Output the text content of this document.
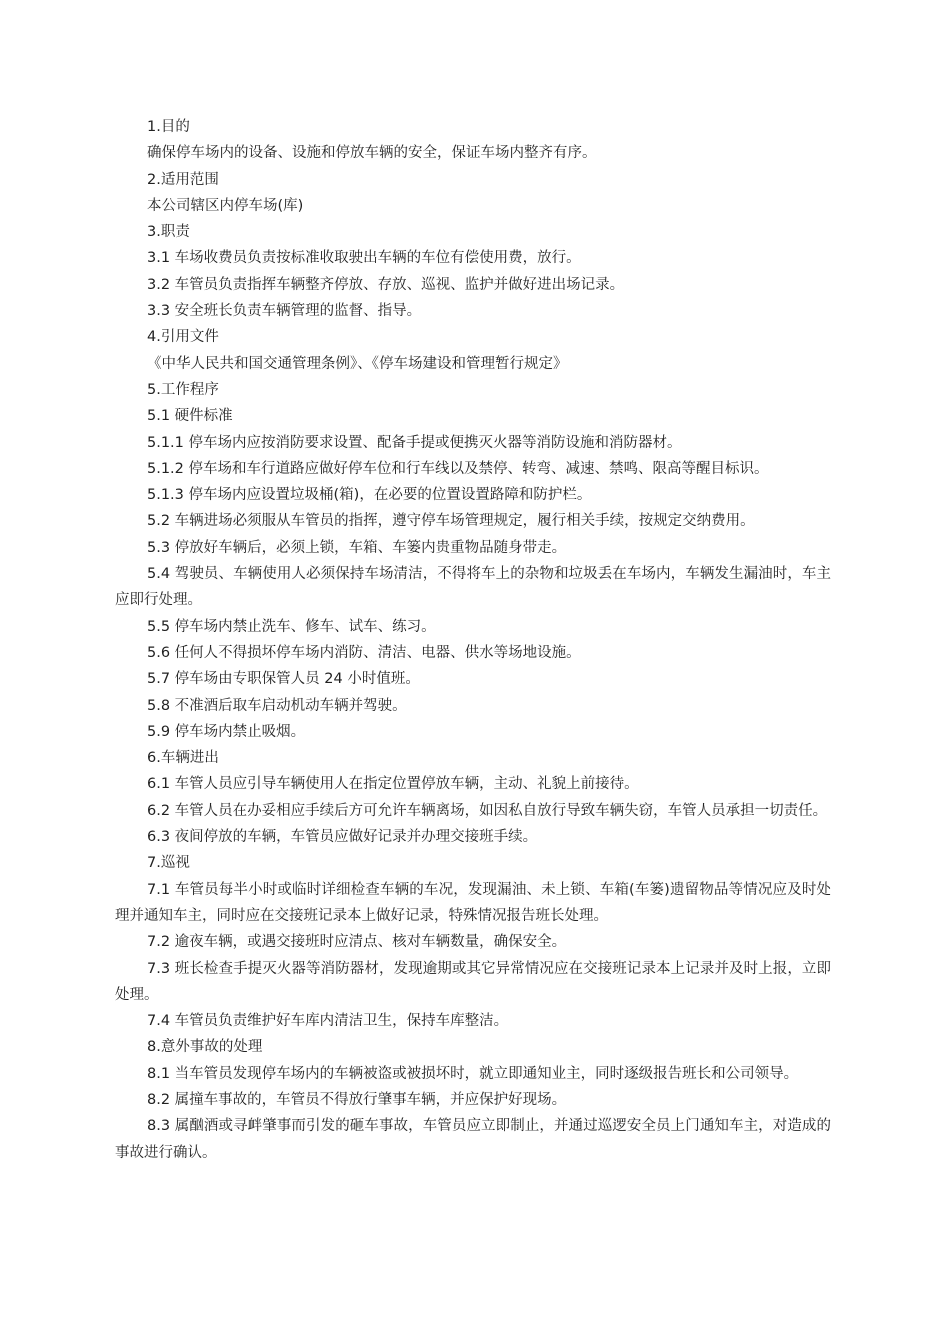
1.目的

确保停车场内的设备、设施和停放车辆的安全，保证车场内整齐有序。

2.适用范围

本公司辖区内停车场(库)

3.职责

3.1 车场收费员负责按标准收取驶出车辆的车位有偿使用费，放行。

3.2 车管员负责指挥车辆整齐停放、存放、巡视、监护并做好进出场记录。

3.3 安全班长负责车辆管理的监督、指导。

4.引用文件

《中华人民共和国交通管理条例》、《停车场建设和管理暂行规定》

5.工作程序

5.1 硬件标准

5.1.1 停车场内应按消防要求设置、配备手提或便携灭火器等消防设施和消防器材。

5.1.2 停车场和车行道路应做好停车位和行车线以及禁停、转弯、减速、禁鸣、限高等醒目标识。

5.1.3 停车场内应设置垃圾桶(箱)，在必要的位置设置路障和防护栏。

5.2 车辆进场必须服从车管员的指挥，遵守停车场管理规定，履行相关手续，按规定交纳费用。

5.3 停放好车辆后，必须上锁，车箱、车篓内贵重物品随身带走。

5.4 驾驶员、车辆使用人必须保持车场清洁，不得将车上的杂物和垃圾丢在车场内，车辆发生漏油时，车主应即行处理。

5.5 停车场内禁止洗车、修车、试车、练习。

5.6 任何人不得损坏停车场内消防、清洁、电器、供水等场地设施。

5.7 停车场由专职保管人员 24 小时值班。

5.8 不准酒后取车启动机动车辆并驾驶。

5.9 停车场内禁止吸烟。

6.车辆进出

6.1 车管人员应引导车辆使用人在指定位置停放车辆，主动、礼貌上前接待。

6.2 车管人员在办妥相应手续后方可允许车辆离场，如因私自放行导致车辆失窃，车管人员承担一切责任。

6.3 夜间停放的车辆，车管员应做好记录并办理交接班手续。

7.巡视

7.1 车管员每半小时或临时详细检查车辆的车况，发现漏油、未上锁、车箱(车篓)遗留物品等情况应及时处理并通知车主，同时应在交接班记录本上做好记录，特殊情况报告班长处理。

7.2 逾夜车辆，或遇交接班时应清点、核对车辆数量，确保安全。

7.3 班长检查手提灭火器等消防器材，发现逾期或其它异常情况应在交接班记录本上记录并及时上报，立即处理。

7.4 车管员负责维护好车库内清洁卫生，保持车库整洁。

8.意外事故的处理

8.1 当车管员发现停车场内的车辆被盗或被损坏时，就立即通知业主，同时逐级报告班长和公司领导。

8.2 属撞车事故的，车管员不得放行肇事车辆，并应保护好现场。

8.3 属酗酒或寻衅肇事而引发的砸车事故，车管员应立即制止，并通过巡逻安全员上门通知车主，对造成的事故进行确认。
